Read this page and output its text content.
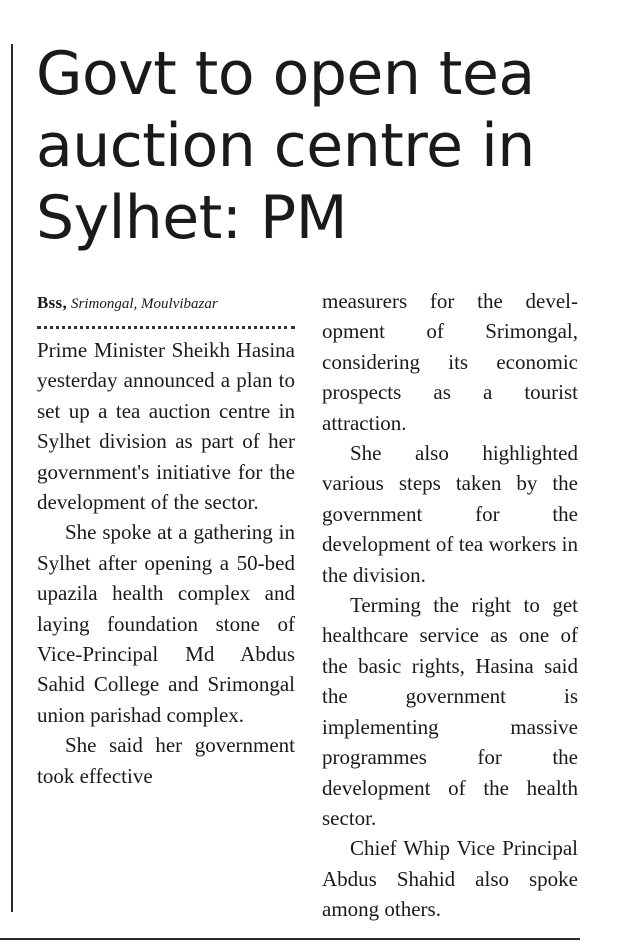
Govt to open tea auction centre in Sylhet: PM
Bss, Srimongal, Moulvibazar

Prime Minister Sheikh Hasina yesterday announced a plan to set up a tea auction centre in Sylhet division as part of her government's initiative for the development of the sector.

She spoke at a gathering in Sylhet after opening a 50-bed upazila health complex and laying foundation stone of Vice-Principal Md Abdus Sahid College and Srimongal union parishad complex.

She said her government took effective

measurers for the development of Srimongal, considering its economic prospects as a tourist attraction.

She also highlighted various steps taken by the government for the development of tea workers in the division.

Terming the right to get healthcare service as one of the basic rights, Hasina said the government is implementing massive programmes for the development of the health sector.

Chief Whip Vice Principal Abdus Shahid also spoke among others.
